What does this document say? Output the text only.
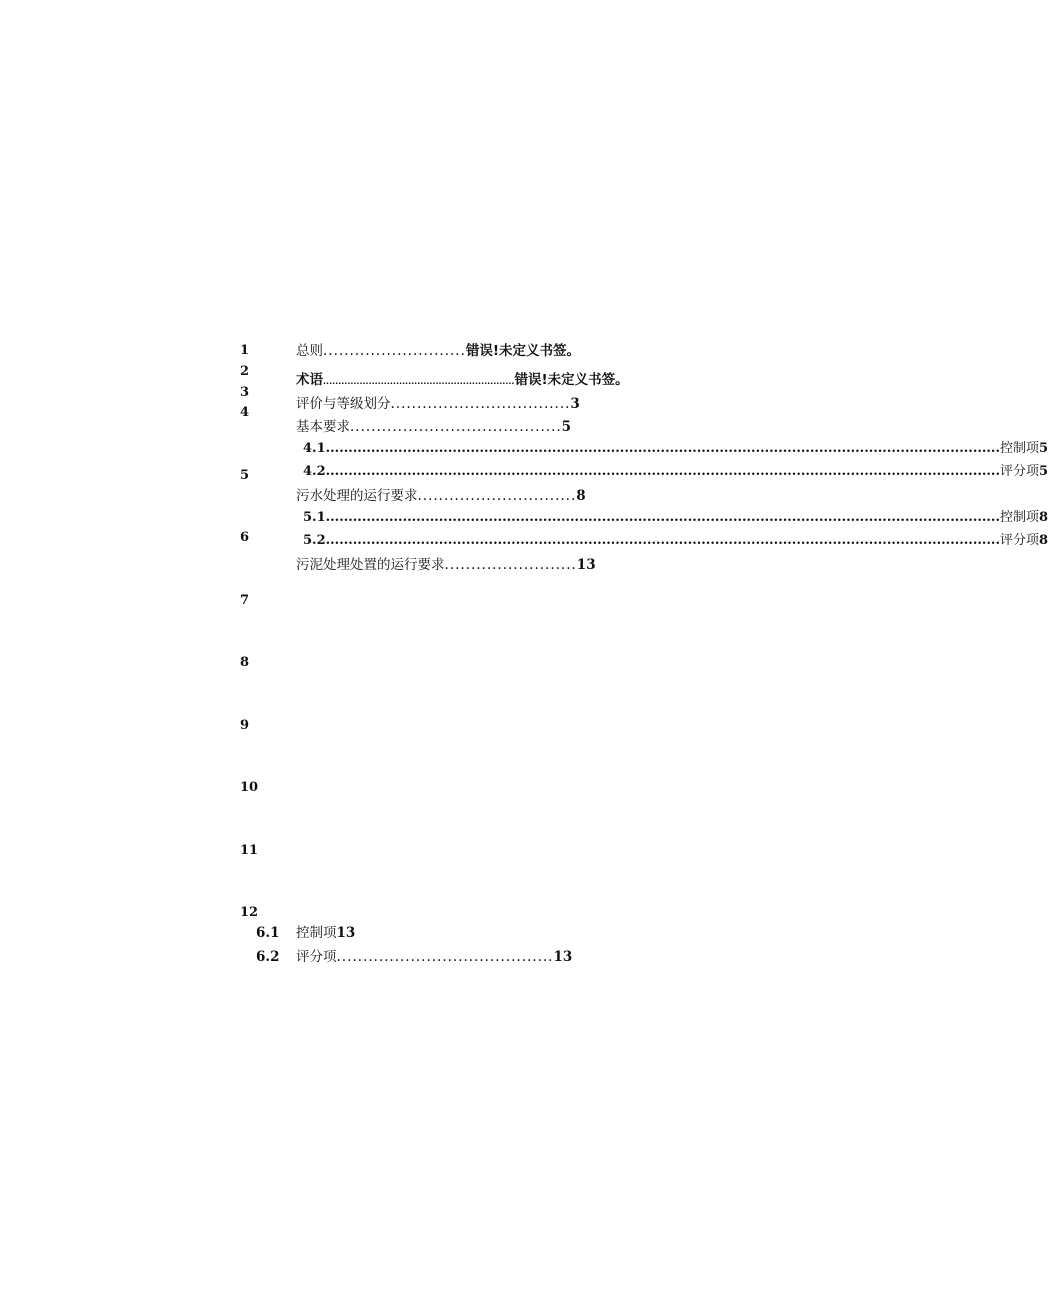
1
2
3
4
5
6
7
8
9
10
11
12
总则...........................错误!未定义书签。
术语...............................................................错误!未定义书签。
评价与等级划分..................................3
基本要求........................................5
4.1 ..................................................................................................................................................... 控制项5
4.2 ..................................................................................................................................................... 评分项5
污水处理的运行要求..............................8
5.1 ..................................................................................................................................................... 控制项8
5.2 ..................................................................................................................................................... 评分项8
污泥处理处置的运行要求.........................13
6.1 控制项13
6.2 评分项.........................................13
